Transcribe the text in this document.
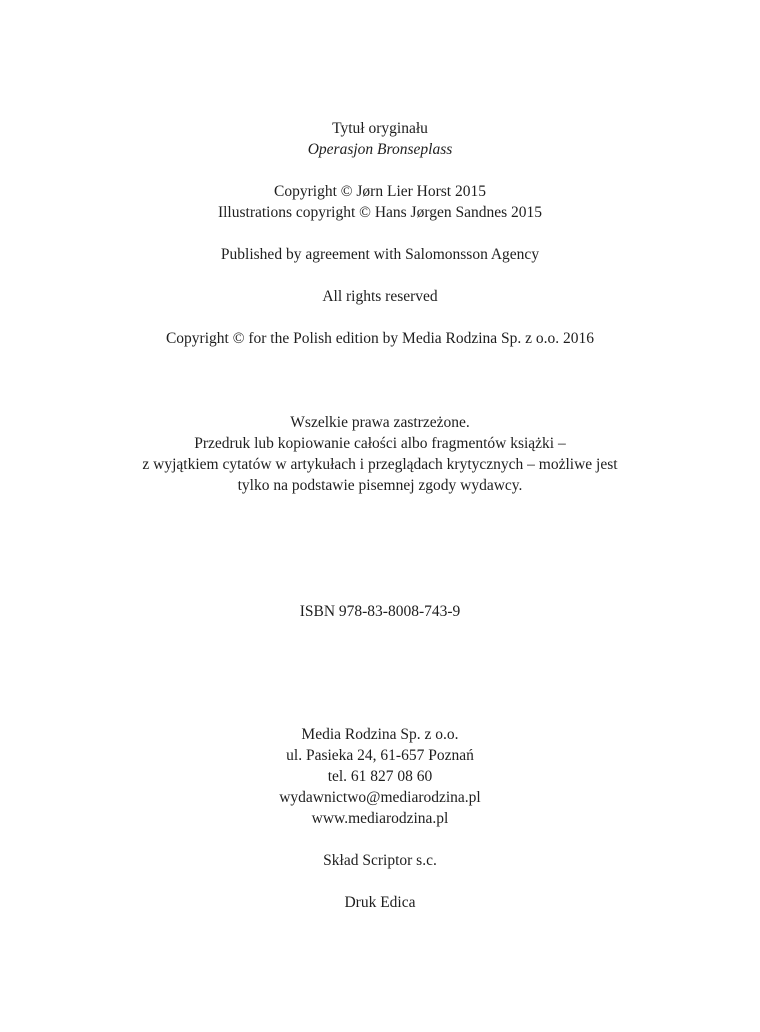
Tytuł oryginału
Operasjon Bronseplass
Copyright © Jørn Lier Horst 2015
Illustrations copyright © Hans Jørgen Sandnes 2015
Published by agreement with Salomonsson Agency
All rights reserved
Copyright © for the Polish edition by Media Rodzina Sp. z o.o. 2016
Wszelkie prawa zastrzeżone.
Przedruk lub kopiowanie całości albo fragmentów książki –
z wyjątkiem cytatów w artykułach i przeglądach krytycznych – możliwe jest
tylko na podstawie pisemnej zgody wydawcy.
ISBN 978-83-8008-743-9
Media Rodzina Sp. z o.o.
ul. Pasieka 24, 61-657 Poznań
tel. 61 827 08 60
wydawnictwo@mediarodzina.pl
www.mediarodzina.pl
Skład Scriptor s.c.
Druk Edica
